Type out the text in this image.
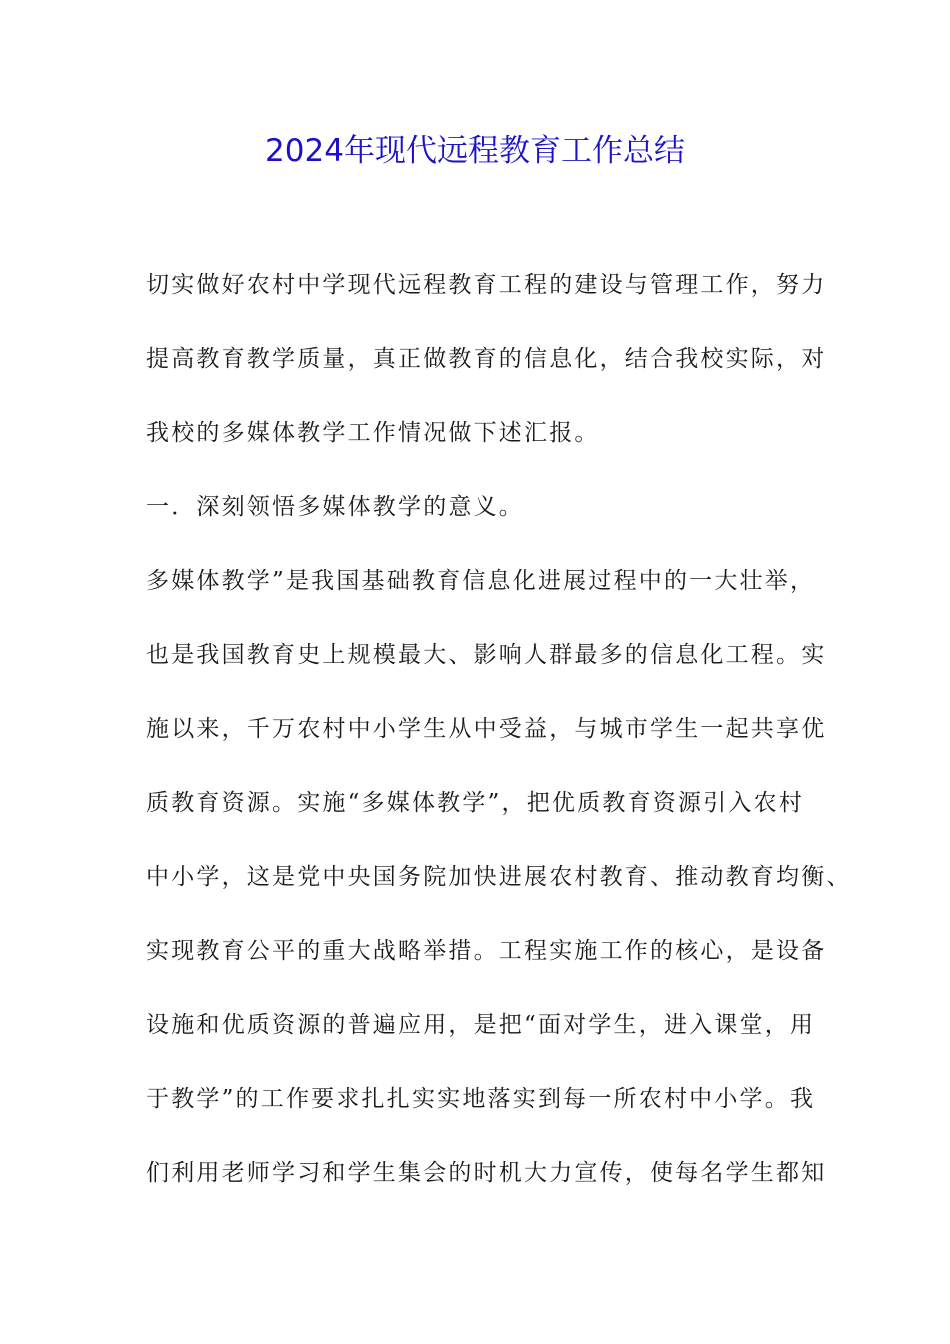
2024年现代远程教育工作总结
切实做好农村中学现代远程教育工程的建设与管理工作，努力
提高教育教学质量，真正做教育的信息化，结合我校实际，对
我校的多媒体教学工作情况做下述汇报。
一．深刻领悟多媒体教学的意义。
多媒体教学”是我国基础教育信息化进展过程中的一大壮举，
也是我国教育史上规模最大、影响人群最多的信息化工程。实
施以来，千万农村中小学生从中受益，与城市学生一起共享优
质教育资源。实施“多媒体教学”，把优质教育资源引入农村
中小学，这是党中央国务院加快进展农村教育、推动教育均衡、
实现教育公平的重大战略举措。工程实施工作的核心，是设备
设施和优质资源的普遍应用，是把“面对学生，进入课堂，用
于教学”的工作要求扎扎实实地落实到每一所农村中小学。我
们利用老师学习和学生集会的时机大力宣传，使每名学生都知
